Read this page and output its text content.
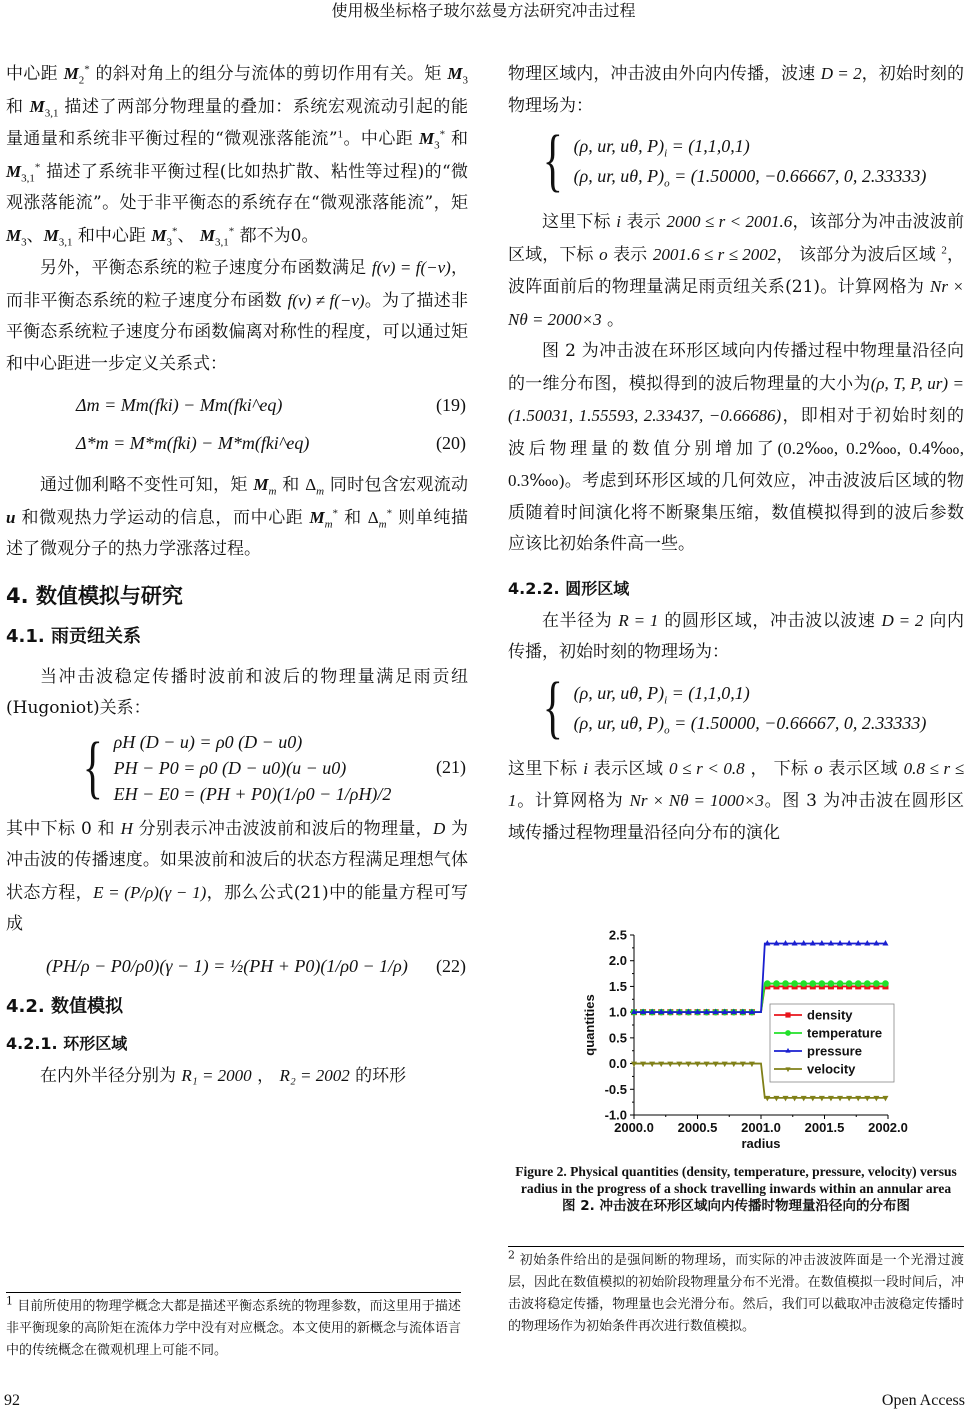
使用极坐标格子玻尔兹曼方法研究冲击过程

中心距 $M_2^*$ 的斜对角上的组分与流体的剪切作用有关。矩 $M_3$ 和 $M_{3,1}$ 描述了两部分物理量的叠加：系统宏观流动引起的能量通量和系统非平衡过程的“微观涨落能流”$^1$。中心距 $M_3^*$ 和 $M_{3,1}^*$ 描述了系统非平衡过程(比如热扩散、粘性等过程)的“微观涨落能流”。处于非平衡态的系统存在“微观涨落能流”，矩 $M_3$、$M_{3,1}$ 和中心距 $M_3^*$、 $M_{3,1}^*$ 都不为0。

另外，平衡态系统的粒子速度分布函数满足 f(v) = f(−v)，而非平衡态系统的粒子速度分布函数 f(v) ≠ f(−v)。为了描述非平衡态系统粒子速度分布函数偏离对称性的程度，可以通过矩和中心距进一步定义关系式：

Δm = Mm(fki) − Mm(fki^eq)	(19)
Δ*m = M*m(fki) − M*m(fki^eq)	(20)

通过伽利略不变性可知，矩 $M_m$ 和 $\Delta_m$ 同时包含宏观流动 u 和微观热力学运动的信息，而中心距 $M_m^*$ 和 $\Delta_m^*$ 则单纯描述了微观分子的热力学涨落过程。

4. 数值模拟与研究
4.1. 雨贡纽关系

当冲击波稳定传播时波前和波后的物理量满足雨贡纽(Hugoniot)关系：

{ ρH (D − u) = ρ0 (D − u0)
PH − P0 = ρ0 (D − u0)(u − u0)
EH − E0 = (PH + P0)(1/ρ0 − 1/ρH)/2
(21)

其中下标 0 和 H 分别表示冲击波波前和波后的物理量，D 为冲击波的传播速度。如果波前和波后的状态方程满足理想气体状态方程，E = (P/ρ)(γ − 1)，那么公式(21)中的能量方程可写成

(PH/ρ − P0/ρ0)(γ − 1) = ½(PH + P0)(1/ρ0 − 1/ρ) (22)
4.2. 数值模拟
4.2.1. 环形区域

在内外半径分别为 R₁ = 2000 ， R₂ = 2002 的环形

$^1$ 目前所使用的物理学概念大都是描述平衡态系统的物理参数，而这里用于描述非平衡现象的高阶矩在流体力学中没有对应概念。本文使用的新概念与流体语言中的传统概念在微观机理上可能不同。

物理区域内，冲击波由外向内传播，波速 D = 2，初始时刻的物理场为：

{ (ρ, ur, uθ, $P)_i = (1,1,0,1)$
(ρ, ur, uθ, $P)_o = (1.50000$, −0.66667, 0, 2.33333)

这里下标 i 表示 2000 ≤ r < 2001.6，该部分为冲击波波前区域，下标 o 表示 2001.6 ≤ r ≤ 2002， 该部分为波后区域 $^2$，波阵面前后的物理量满足雨贡纽关系(21)。计算网格为 Nr × Nθ = 2000×3 。

图 2 为冲击波在环形区域向内传播过程中物理量沿径向的一维分布图，模拟得到的波后物理量的大小为(ρ, T, P, ur) = (1.50031, 1.55593, 2.33437, −0.66686)，即相对于初始时刻的波后物理量的数值分别增加了(0.2‱, 0.2‱, 0.4‱, 0.3‱)。考虑到环形区域的几何效应，冲击波波后区域的物质随着时间演化将不断聚集压缩，数值模拟得到的波后参数应该比初始条件高一些。

4.2.2. 圆形区域

在半径为 R = 1 的圆形区域，冲击波以波速 D = 2 向内传播，初始时刻的物理场为：

{ (ρ, ur, uθ, $P)_i = (1,1,0,1)$
(ρ, ur, uθ, $P)_o = (1.50000$, −0.66667, 0, 2.33333)

这里下标 i 表示区域 0 ≤ r < 0.8 ， 下标 o 表示区域 0.8 ≤ r ≤ 1。计算网格为 Nr × Nθ = 1000×3。图 3 为冲击波在圆形区域传播过程物理量沿径向分布的演化

-1.0
-0.5
0.0
0.5
1.0
1.5
2.0
2.5
2000.0 2000.5 2001.0 2001.5 2002.0
radius
quantities	density
temperature
pressure
velocity
Figure 2. Physical quantities (density, temperature, pressure, velocity) versus radius in the progress of a shock travelling inwards within an annular area
图 2. 冲击波在环形区域向内传播时物理量沿径向的分布图
$^2$ 初始条件给出的是强间断的物理场，而实际的冲击波波阵面是一个光滑过渡层，因此在数值模拟的初始阶段物理量分布不光滑。在数值模拟一段时间后，冲击波将稳定传播，物理量也会光滑分布。然后，我们可以截取冲击波稳定传播时的物理场作为初始条件再次进行数值模拟。
92	Open Access
